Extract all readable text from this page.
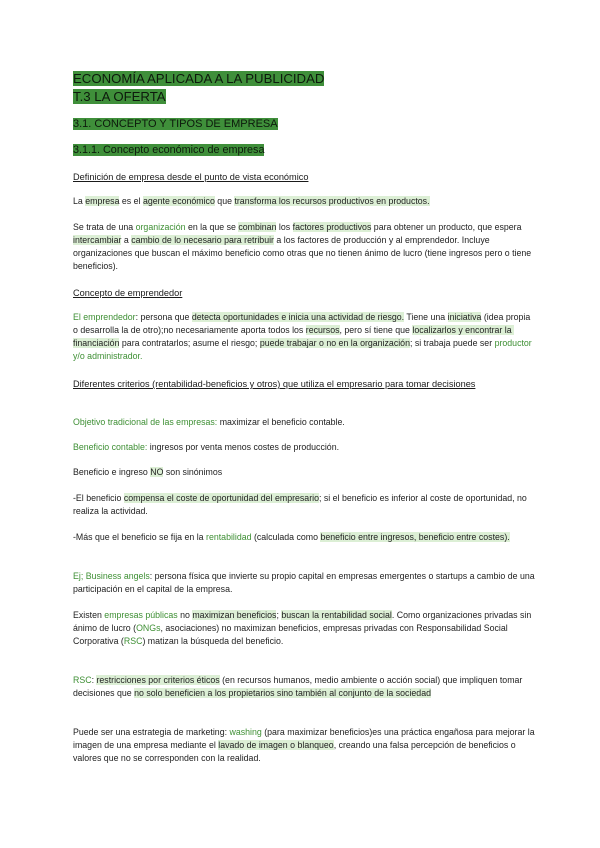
ECONOMÍA APLICADA A LA PUBLICIDAD
T.3 LA OFERTA
3.1. CONCEPTO Y TIPOS DE EMPRESA
3.1.1. Concepto económico de empresa
Definición de empresa desde el punto de vista económico
La empresa es el agente económico que transforma los recursos productivos en productos.
Se trata de una organización en la que se combinan los factores productivos para obtener un producto, que espera intercambiar a cambio de lo necesario para retribuir a los factores de producción y al emprendedor. Incluye organizaciones que buscan el máximo beneficio como otras que no tienen ánimo de lucro (tiene ingresos pero o tiene beneficios).
Concepto de emprendedor
El emprendedor: persona que detecta oportunidades e inicia una actividad de riesgo. Tiene una iniciativa (idea propia o desarrolla la de otro);no necesariamente aporta todos los recursos, pero sí tiene que localizarlos y encontrar la financiación para contratarlos; asume el riesgo; puede trabajar o no en la organización; si trabaja puede ser productor y/o administrador.
Diferentes criterios (rentabilidad-beneficios y otros) que utiliza el empresario para tomar decisiones
Objetivo tradicional de las empresas: maximizar el beneficio contable.
Beneficio contable: ingresos por venta menos costes de producción.
Beneficio e ingreso NO son sinónimos
-El beneficio compensa el coste de oportunidad del empresario; si el beneficio es inferior al coste de oportunidad, no realiza la actividad.
-Más que el beneficio se fija en la rentabilidad (calculada como beneficio entre ingresos, beneficio entre costes).
Ej; Business angels: persona física que invierte su propio capital en empresas emergentes o startups a cambio de una participación en el capital de la empresa.
Existen empresas públicas no maximizan beneficios; buscan la rentabilidad social. Como organizaciones privadas sin ánimo de lucro (ONGs, asociaciones) no maximizan beneficios, empresas privadas con Responsabilidad Social Corporativa (RSC) matizan la búsqueda del beneficio.
RSC: restricciones por criterios éticos (en recursos humanos, medio ambiente o acción social) que impliquen tomar decisiones que no solo beneficien a los propietarios sino también al conjunto de la sociedad
Puede ser una estrategia de marketing: washing (para maximizar beneficios)es una práctica engañosa para mejorar la imagen de una empresa mediante el lavado de imagen o blanqueo, creando una falsa percepción de beneficios o valores que no se corresponden con la realidad.
